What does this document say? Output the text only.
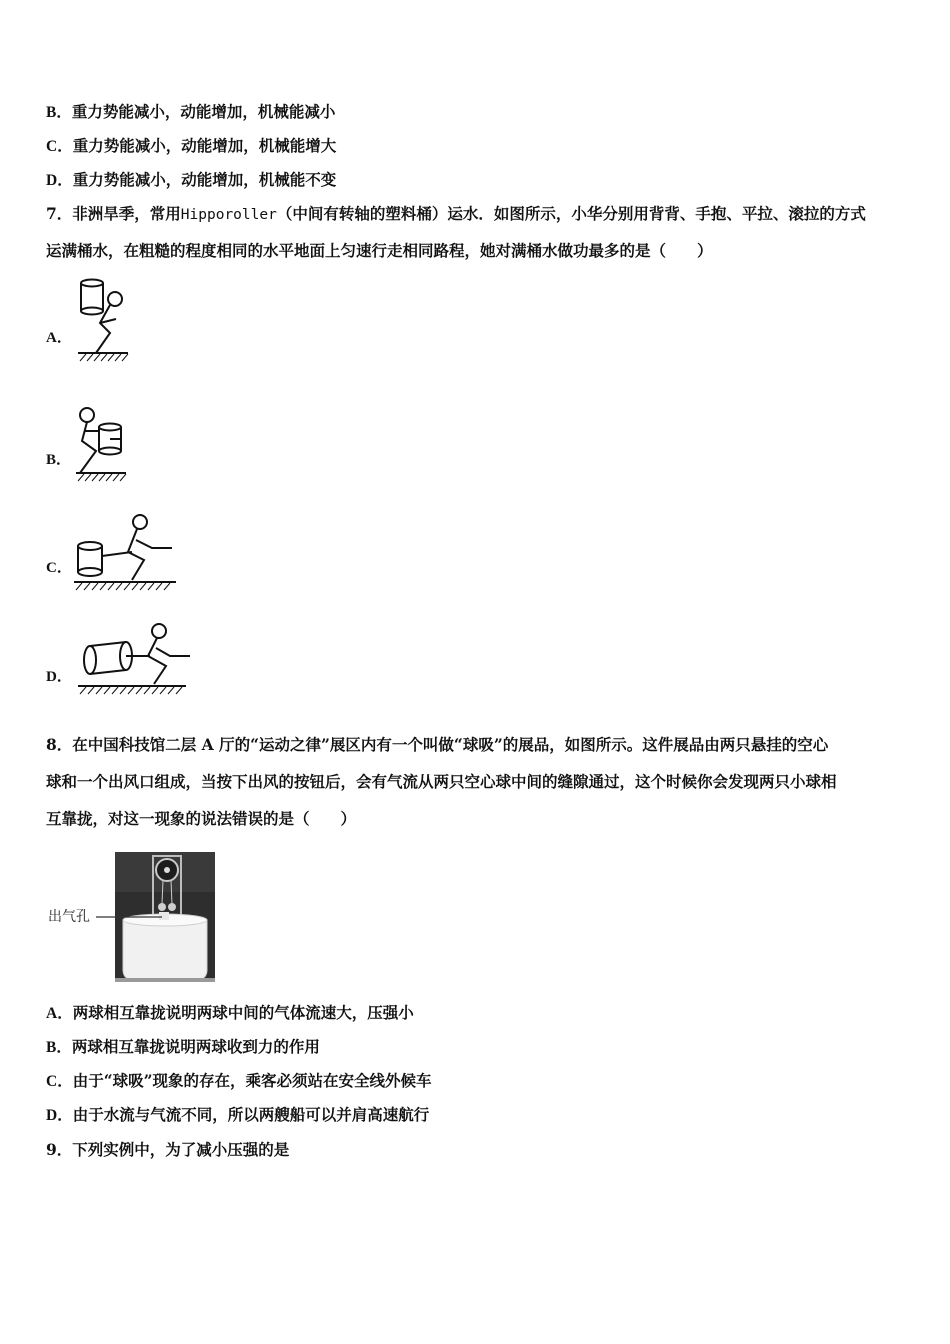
B．重力势能减小，动能增加，机械能减小
C．重力势能减小，动能增加，机械能增大
D．重力势能减小，动能增加，机械能不变
7．非洲旱季，常用Hipporoller（中间有转轴的塑料桶）运水．如图所示，小华分别用背背、手抱、平拉、滚拉的方式
运满桶水，在粗糙的程度相同的水平地面上匀速行走相同路程，她对满桶水做功最多的是（　　）
A．
B．
C．
D．
8．在中国科技馆二层 A 厅的“运动之律”展区内有一个叫做“球吸”的展品，如图所示。这件展品由两只悬挂的空心
球和一个出风口组成，当按下出风的按钮后，会有气流从两只空心球中间的缝隙通过，这个时候你会发现两只小球相
互靠拢，对这一现象的说法错误的是（　　）
出气孔
A．两球相互靠拢说明两球中间的气体流速大，压强小
B．两球相互靠拢说明两球收到力的作用
C．由于“球吸”现象的存在，乘客必须站在安全线外候车
D．由于水流与气流不同，所以两艘船可以并肩高速航行
9．下列实例中，为了减小压强的是
